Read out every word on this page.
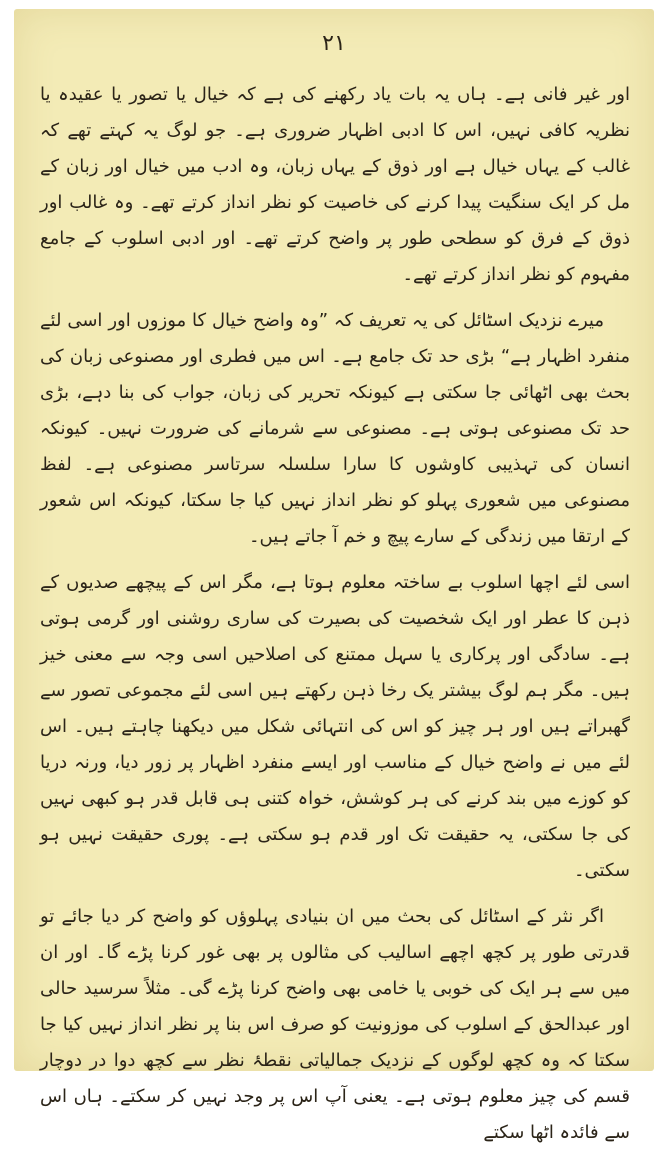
۲۱

اور غیر فانی ہے۔ ہاں یہ بات یاد رکھنے کی ہے کہ خیال یا تصور یا عقیدہ یا نظریہ کافی نہیں، اس کا ادبی اظہار ضروری ہے۔ جو لوگ یہ کہتے تھے کہ غالب کے یہاں خیال ہے اور ذوق کے یہاں زبان، وہ ادب میں خیال اور زبان کے مل کر ایک سنگیت پیدا کرنے کی خاصیت کو نظر انداز کرتے تھے۔ وہ غالب اور ذوق کے فرق کو سطحی طور پر واضح کرتے تھے۔ اور ادبی اسلوب کے جامع مفہوم کو نظر انداز کرتے تھے۔

میرے نزدیک اسٹائل کی یہ تعریف کہ ”وہ واضح خیال کا موزوں اور اسی لئے منفرد اظہار ہے“ بڑی حد تک جامع ہے۔ اس میں فطری اور مصنوعی زبان کی بحث بھی اٹھائی جا سکتی ہے کیونکہ تحریر کی زبان، جواب کی بنا دہے، بڑی حد تک مصنوعی ہوتی ہے۔ مصنوعی سے شرمانے کی ضرورت نہیں۔ کیونکہ انسان کی تہذیبی کاوشوں کا سارا سلسلہ سرتاسر مصنوعی ہے۔ لفظ مصنوعی میں شعوری پہلو کو نظر انداز نہیں کیا جا سکتا، کیونکہ اس شعور کے ارتقا میں زندگی کے سارے پیچ و خم آ جاتے ہیں۔

اسی لئے اچھا اسلوب بے ساختہ معلوم ہوتا ہے، مگر اس کے پیچھے صدیوں کے ذہن کا عطر اور ایک شخصیت کی بصیرت کی ساری روشنی اور گرمی ہوتی ہے۔ سادگی اور پرکاری یا سہل ممتنع کی اصلاحیں اسی وجہ سے معنی خیز ہیں۔ مگر ہم لوگ بیشتر یک رخا ذہن رکھتے ہیں اسی لئے مجموعی تصور سے گھبراتے ہیں اور ہر چیز کو اس کی انتہائی شکل میں دیکھنا چاہتے ہیں۔ اس لئے میں نے واضح خیال کے مناسب اور ایسے منفرد اظہار پر زور دیا، ورنہ دریا کو کوزے میں بند کرنے کی ہر کوشش، خواہ کتنی ہی قابل قدر ہو کبھی نہیں کی جا سکتی، یہ حقیقت تک اور قدم ہو سکتی ہے۔ پوری حقیقت نہیں ہو سکتی۔

اگر نثر کے اسٹائل کی بحث میں ان بنیادی پہلوؤں کو واضح کر دیا جائے تو قدرتی طور پر کچھ اچھے اسالیب کی مثالوں پر بھی غور کرنا پڑے گا۔ اور ان میں سے ہر ایک کی خوبی یا خامی بھی واضح کرنا پڑے گی۔ مثلاً سرسید حالی اور عبدالحق کے اسلوب کی موزونیت کو صرف اس بنا پر نظر انداز نہیں کیا جا سکتا کہ وہ کچھ لوگوں کے نزدیک جمالیاتی نقطۂ نظر سے کچھ دوا در دوچار قسم کی چیز معلوم ہوتی ہے۔ یعنی آپ اس پر وجد نہیں کر سکتے۔ ہاں اس سے فائدہ اٹھا سکتے
